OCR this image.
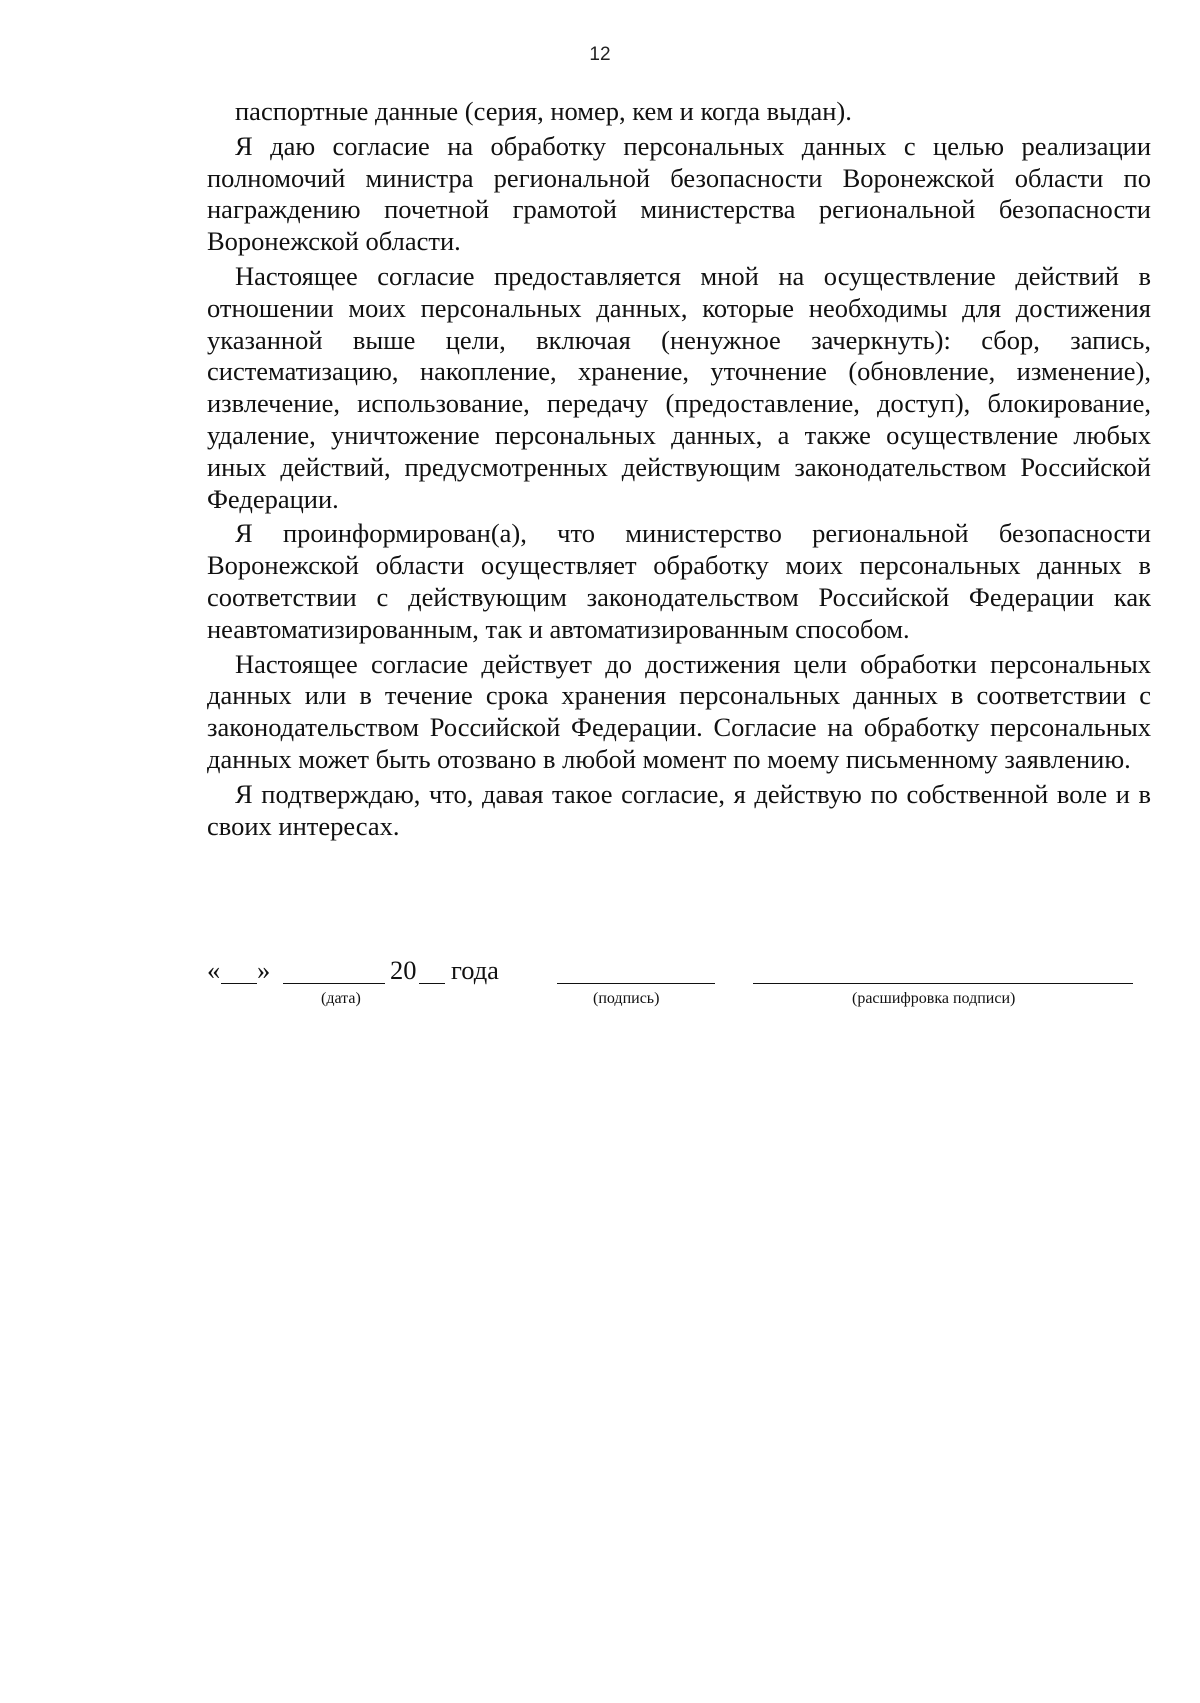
12

паспортные данные (серия, номер, кем и когда выдан).

Я даю согласие на обработку персональных данных с целью реализации полномочий министра региональной безопасности Воронежской области по награждению почетной грамотой министерства региональной безопасности Воронежской области.

Настоящее согласие предоставляется мной на осуществление действий в отношении моих персональных данных, которые необходимы для достижения указанной выше цели, включая (ненужное зачеркнуть): сбор, запись, систематизацию, накопление, хранение, уточнение (обновление, изменение), извлечение, использование, передачу (предоставление, доступ), блокирование, удаление, уничтожение персональных данных, а также осуществление любых иных действий, предусмотренных действующим законодательством Российской Федерации.

Я проинформирован(а), что министерство региональной безопасности Воронежской области осуществляет обработку моих персональных данных в соответствии с действующим законодательством Российской Федерации как неавтоматизированным, так и автоматизированным способом.

Настоящее согласие действует до достижения цели обработки персональных данных или в течение срока хранения персональных данных в соответствии с законодательством Российской Федерации. Согласие на обработку персональных данных может быть отозвано в любой момент по моему письменному заявлению.

Я подтверждаю, что, давая такое согласие, я действую по собственной воле и в своих интересах.

« »
(дата)
20 года
(подпись)	(расшифровка подписи)
